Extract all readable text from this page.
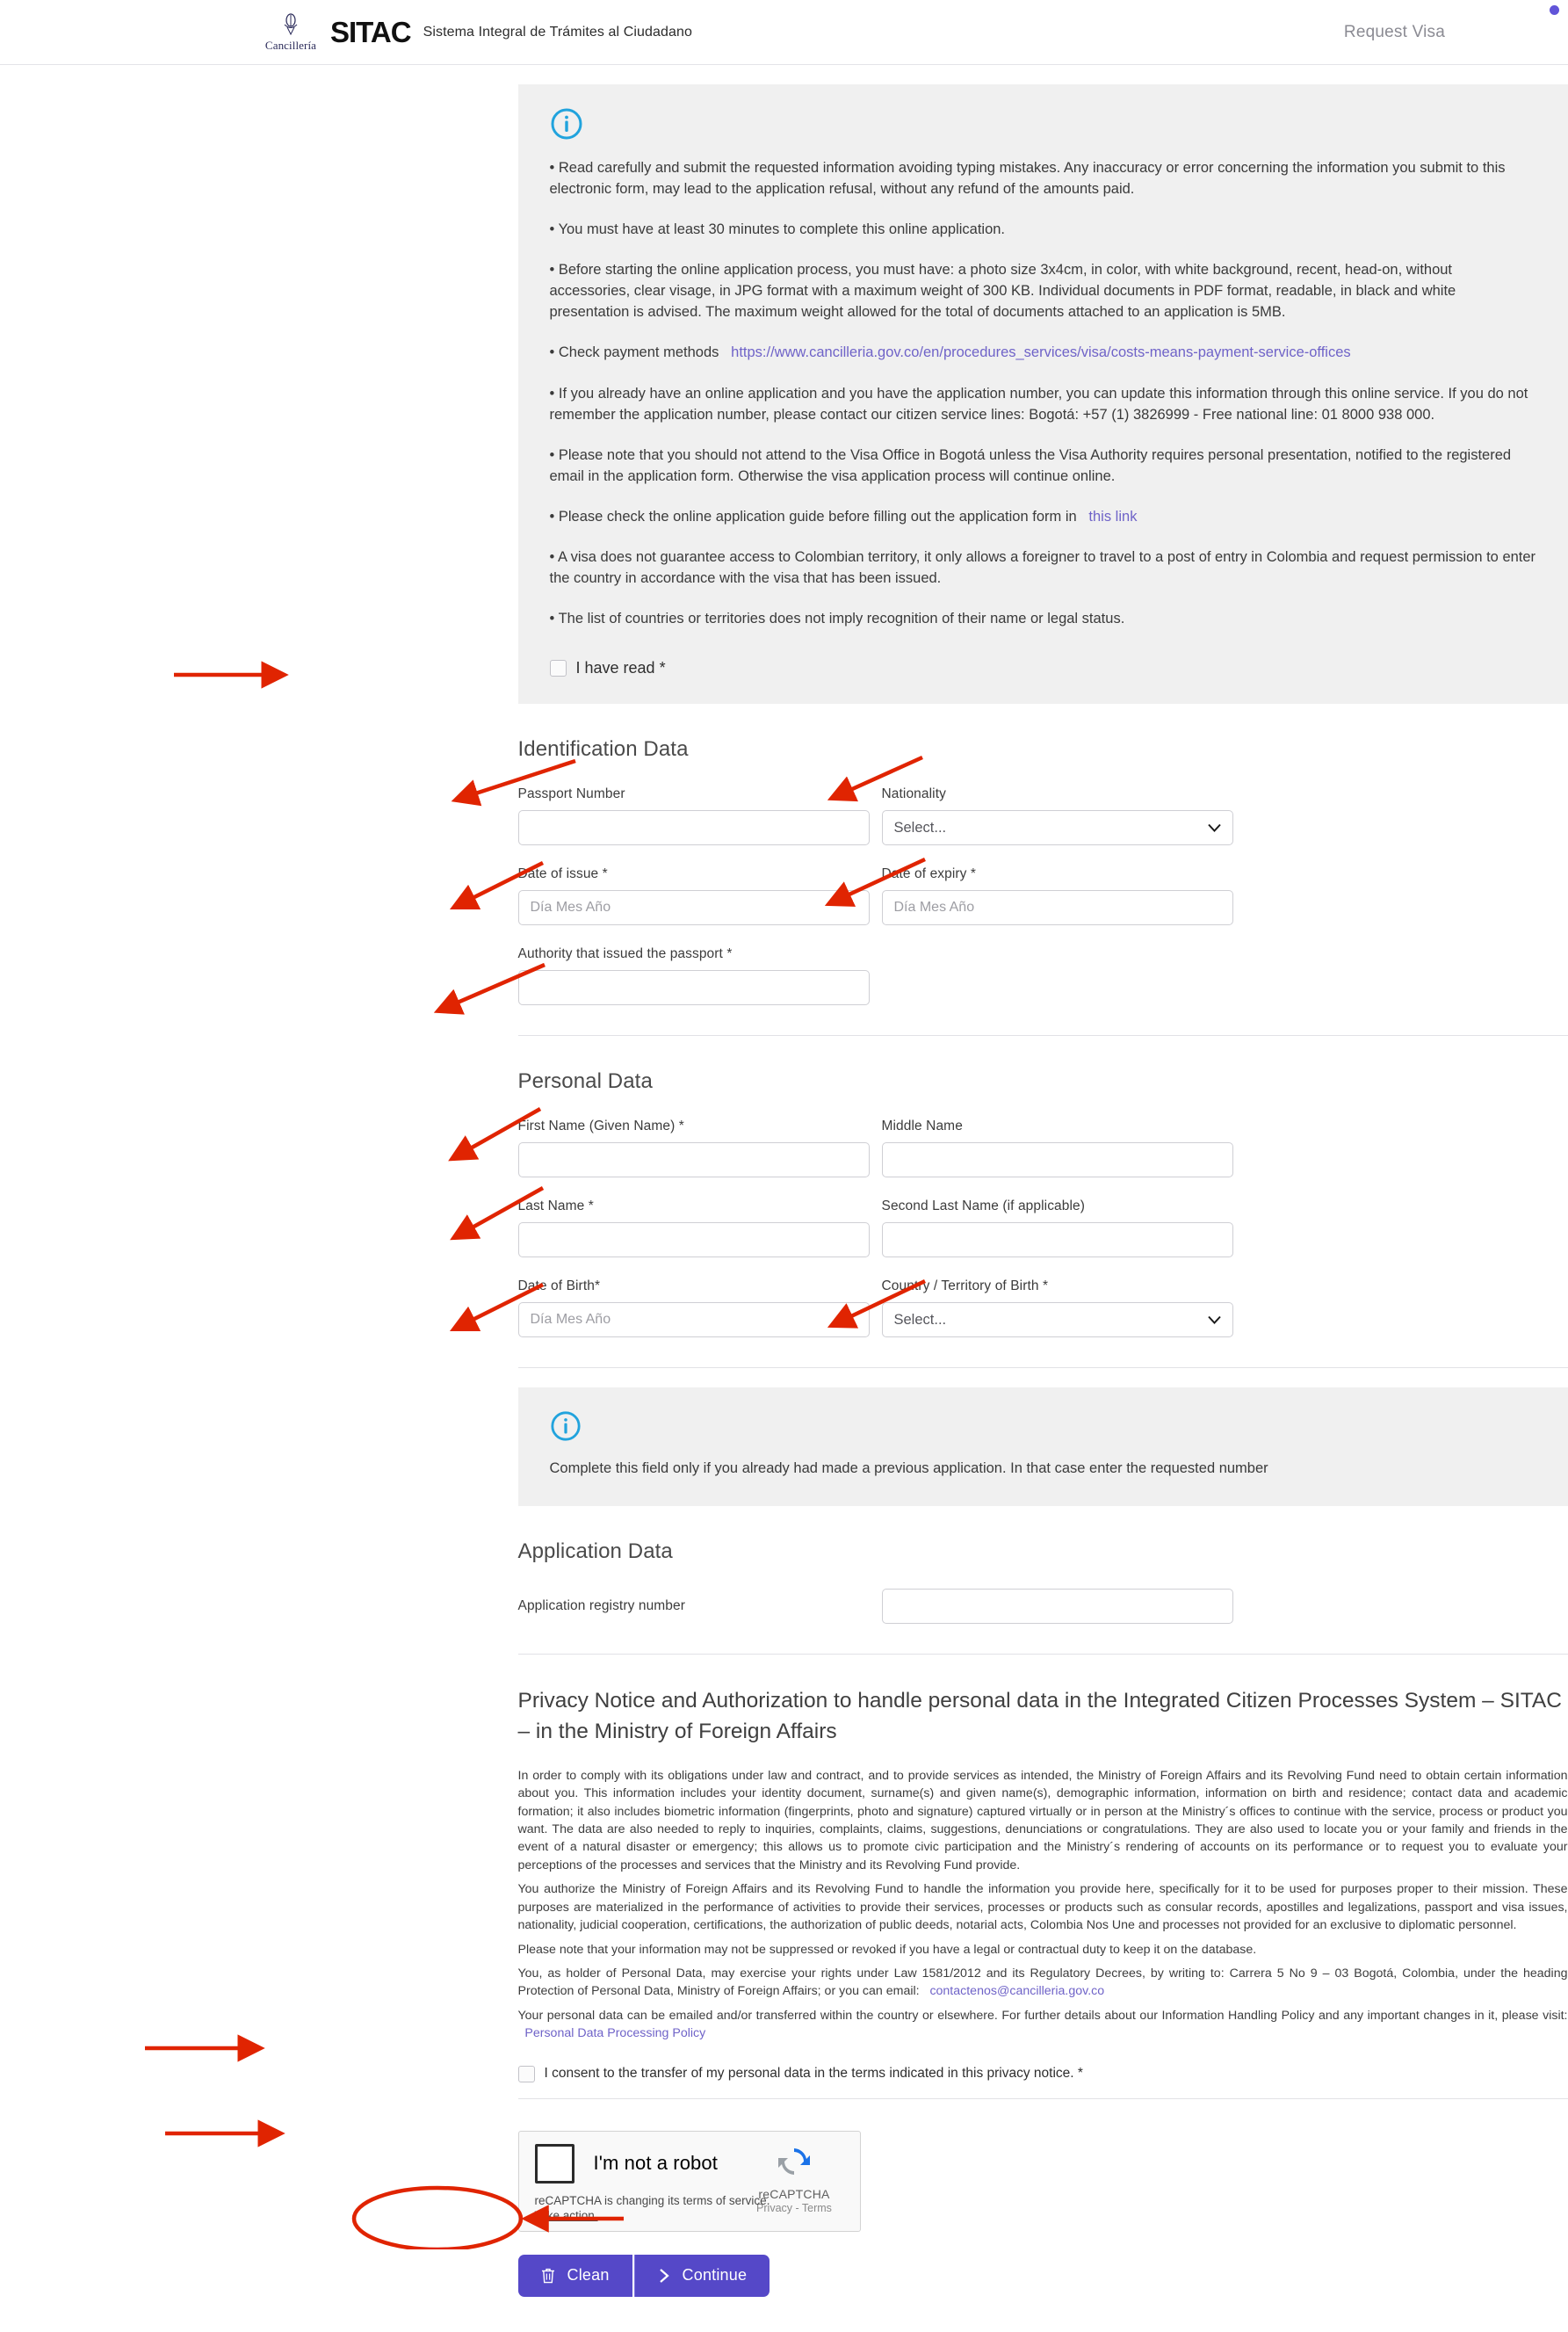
Cancillería SITAC Sistema Integral de Trámites al Ciudadano	Request Visa

• Read carefully and submit the requested information avoiding typing mistakes. Any inaccuracy or error concerning the information you submit to this electronic form, may lead to the application refusal, without any refund of the amounts paid.

• You must have at least 30 minutes to complete this online application.

• Before starting the online application process, you must have: a photo size 3x4cm, in color, with white background, recent, head-on, without accessories, clear visage, in JPG format with a maximum weight of 300 KB. Individual documents in PDF format, readable, in black and white presentation is advised. The maximum weight allowed for the total of documents attached to an application is 5MB.

• Check payment methods https://www.cancilleria.gov.co/en/procedures_services/visa/costs-means-payment-service-offices

• If you already have an online application and you have the application number, you can update this information through this online service. If you do not remember the application number, please contact our citizen service lines: Bogotá: +57 (1) 3826999 - Free national line: 01 8000 938 000.

• Please note that you should not attend to the Visa Office in Bogotá unless the Visa Authority requires personal presentation, notified to the registered email in the application form. Otherwise the visa application process will continue online.

• Please check the online application guide before filling out the application form in this link

• A visa does not guarantee access to Colombian territory, it only allows a foreigner to travel to a post of entry in Colombia and request permission to enter the country in accordance with the visa that has been issued.

• The list of countries or territories does not imply recognition of their name or legal status.

I have read *
Identification Data
Passport Number	Nationality
Select...
Date of issue *
Día Mes Año	Date of expiry *
Día Mes Año
Authority that issued the passport *
Personal Data
First Name (Given Name) *	Middle Name
Last Name *	Second Last Name (if applicable)
Date of Birth*
Día Mes Año	Country / Territory of Birth *
Select...

Complete this field only if you already had made a previous application. In that case enter the requested number

Application Data
Application registry number
Privacy Notice and Authorization to handle personal data in the Integrated Citizen Processes System – SITAC – in the Ministry of Foreign Affairs

In order to comply with its obligations under law and contract, and to provide services as intended, the Ministry of Foreign Affairs and its Revolving Fund need to obtain certain information about you. This information includes your identity document, surname(s) and given name(s), demographic information, information on birth and residence; contact data and academic formation; it also includes biometric information (fingerprints, photo and signature) captured virtually or in person at the Ministry´s offices to continue with the service, process or product you want. The data are also needed to reply to inquiries, complaints, claims, suggestions, denunciations or congratulations. They are also used to locate you or your family and friends in the event of a natural disaster or emergency; this allows us to promote civic participation and the Ministry´s rendering of accounts on its performance or to request you to evaluate your perceptions of the processes and services that the Ministry and its Revolving Fund provide.

You authorize the Ministry of Foreign Affairs and its Revolving Fund to handle the information you provide here, specifically for it to be used for purposes proper to their mission. These purposes are materialized in the performance of activities to provide their services, processes or products such as consular records, apostilles and legalizations, passport and visa issues, nationality, judicial cooperation, certifications, the authorization of public deeds, notarial acts, Colombia Nos Une and processes not provided for an exclusive to diplomatic personnel.

Please note that your information may not be suppressed or revoked if you have a legal or contractual duty to keep it on the database.

You, as holder of Personal Data, may exercise your rights under Law 1581/2012 and its Regulatory Decrees, by writing to: Carrera 5 No 9 – 03 Bogotá, Colombia, under the heading Protection of Personal Data, Ministry of Foreign Affairs; or you can email: contactenos@cancilleria.gov.co

Your personal data can be emailed and/or transferred within the country or elsewhere. For further details about our Information Handling Policy and any important changes in it, please visit:   Personal Data Processing Policy

I consent to the transfer of my personal data in the terms indicated in this privacy notice. *
I'm not a robot
reCAPTCHA
Privacy - Terms
reCAPTCHA is changing its terms of service.
Take action.
Clean	Continue
